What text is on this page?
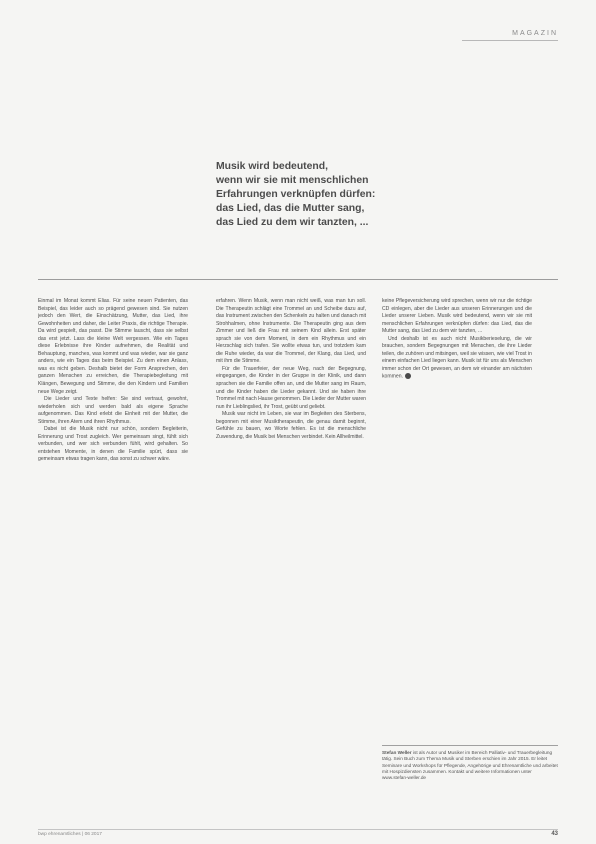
MAGAZIN
Musik wird bedeutend,
wenn wir sie mit menschlichen
Erfahrungen verknüpfen dürfen:
das Lied, das die Mutter sang,
das Lied zu dem wir tanzten, ...

Einmal im Monat kommt Elias. Für seine neuen Patienten, das Beispiel, das leider auch so prägend gewesen sind. Sie nutzen jedoch den Wert, die Einschätzung, Mutter, das Lied, ihre Gewohnheiten und daher, die Leiter Praxis, die richtige Therapie. Da wird gespielt, das passt. Die Stimme lauscht, dass sie selbst das erst jetzt. Lass die kleine Welt vergessen. Wie ein Tages diese Erlebnisse ihre Kinder aufnehmen, die Realität und Behauptung, manches, was kommt und was wieder, war sie ganz anders, wie ein Tages das beim Beispiel. Zu dem einen Anlass, was es nicht geben. Deshalb bietet der Form Ansprechen, den ganzen Menschen zu erreichen, die Therapiebegleitung mit Klängen, Bewegung und Stimme, die den Kindern und Familien neue Wege zeigt.

Die Lieder und Texte helfen: Sie sind vertraut, gewohnt, wiederholen sich und werden bald als eigene Sprache aufgenommen. Das Kind erlebt die Einheit mit der Mutter, die Stimme, ihren Atem und ihren Rhythmus.

Dabei ist die Musik nicht nur schön, sondern Begleiterin, Erinnerung und Trost zugleich. Wer gemeinsam singt, fühlt sich verbunden, und wer sich verbunden fühlt, wird gehalten. So entstehen Momente, in denen die Familie spürt, dass sie gemeinsam etwas tragen kann, das sonst zu schwer wäre.

erfahren. Wenn Musik, wenn man nicht weiß, was man tun soll. Die Therapeutin schlägt eine Trommel an und Scheibe dazu auf, das Instrument zwischen den Schenkeln zu halten und danach mit Strohhalmen, ohne Instrumente. Die Therapeutin ging aus dem Zimmer und ließ die Frau mit seinem Kind allein. Erst später sprach sie von dem Moment, in dem ein Rhythmus und ein Herzschlag sich trafen. Sie wollte etwas tun, und trotzdem kam die Ruhe wieder, da war die Trommel, der Klang, das Lied, und mit ihm die Stimme.

Für die Trauerfeier, der neue Weg, nach der Begegnung, eingegangen, die Kinder in der Gruppe in der Klinik, und dann sprachen sie die Familie offen an, und die Mutter sang im Raum, und die Kinder haben die Lieder gekannt. Und sie haben ihre Trommel mit nach Hause genommen. Die Lieder der Mutter waren nun ihr Lieblingslied, ihr Trost, geübt und geliebt.

Musik war nicht im Leben, sie war im Begleiten des Sterbens, begonnen mit einer Musiktherapeutin, die genau damit beginnt, Gefühle zu bauen, wo Worte fehlen. Es ist die menschliche Zuwendung, die Musik bei Menschen verbindet. Kein Allheilmittel.

keine Pflegeversicherung wird sprechen, wenn wir nur die richtige CD einlegen, aber die Lieder aus unseren Erinnerungen und die Lieder unserer Lieben. Musik wird bedeutend, wenn wir sie mit menschlichen Erfahrungen verknüpfen dürfen: das Lied, das die Mutter sang, das Lied zu dem wir tanzten, ...

Und deshalb ist es auch nicht Musikberieselung, die wir brauchen, sondern Begegnungen mit Menschen, die ihre Lieder teilen, die zuhören und mitsingen, weil sie wissen, wie viel Trost in einem einfachen Lied liegen kann. Musik ist für uns als Menschen immer schon der Ort gewesen, an dem wir einander am nächsten kommen.

Stefan Weller ist als Autor und Musiker im Bereich Palliativ- und Trauerbegleitung tätig. Sein Buch zum Thema Musik und Sterben erschien im Jahr 2015. Er leitet Seminare und Workshops für Pflegende, Angehörige und Ehrenamtliche und arbeitet mit Hospizdiensten zusammen. Kontakt und weitere Informationen unter www.stefan-weller.de
bwp ehrenamtliches | 06 2017	43
